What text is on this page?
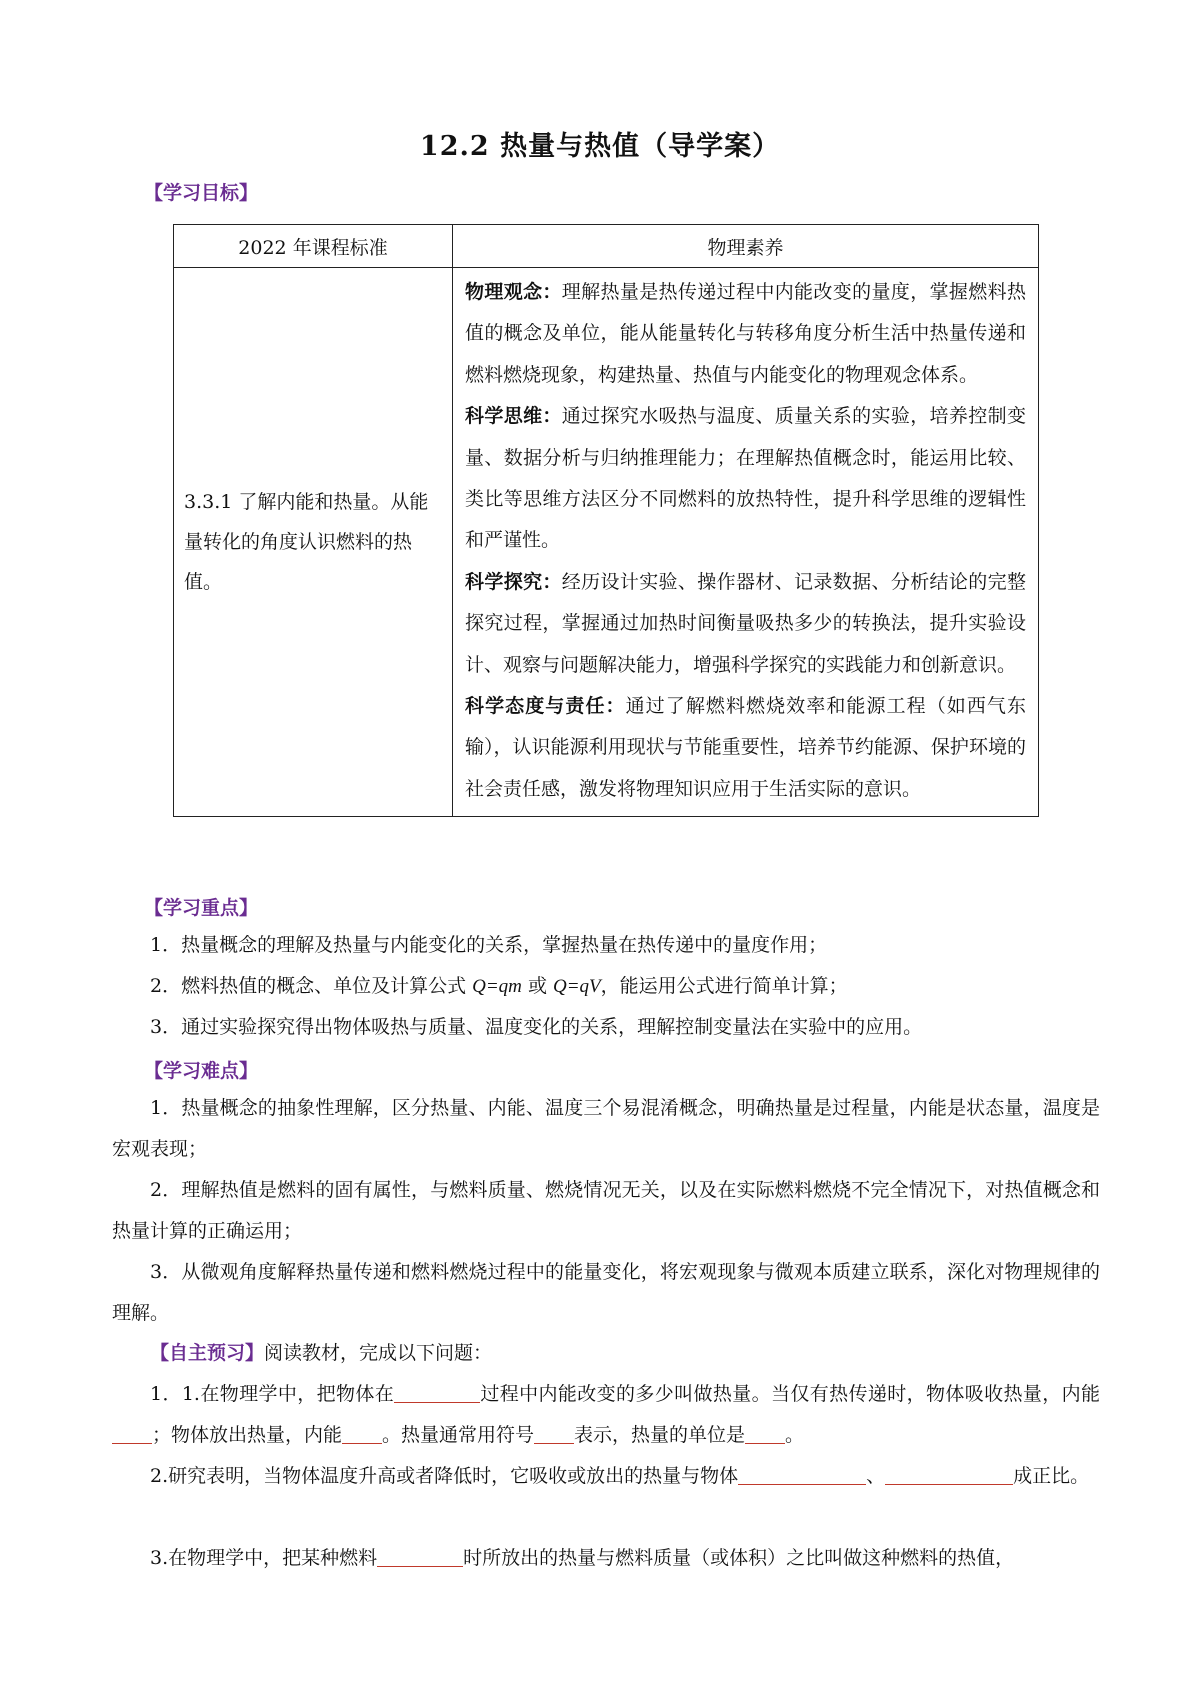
12.2 热量与热值（导学案）
【学习目标】
2022 年课程标准	物理素养
3.3.1 了解内能和热量。从能量转化的角度认识燃料的热值。	物理观念：理解热量是热传递过程中内能改变的量度，掌握燃料热值的概念及单位，能从能量转化与转移角度分析生活中热量传递和燃料燃烧现象，构建热量、热值与内能变化的物理观念体系。
科学思维：通过探究水吸热与温度、质量关系的实验，培养控制变量、数据分析与归纳推理能力；在理解热值概念时，能运用比较、类比等思维方法区分不同燃料的放热特性，提升科学思维的逻辑性和严谨性。
科学探究：经历设计实验、操作器材、记录数据、分析结论的完整探究过程，掌握通过加热时间衡量吸热多少的转换法，提升实验设计、观察与问题解决能力，增强科学探究的实践能力和创新意识。
科学态度与责任：通过了解燃料燃烧效率和能源工程（如西气东输），认识能源利用现状与节能重要性，培养节约能源、保护环境的社会责任感，激发将物理知识应用于生活实际的意识。
【学习重点】
1．热量概念的理解及热量与内能变化的关系，掌握热量在热传递中的量度作用；
2．燃料热值的概念、单位及计算公式 Q=qm 或 Q=qV，能运用公式进行简单计算；
3．通过实验探究得出物体吸热与质量、温度变化的关系，理解控制变量法在实验中的应用。
【学习难点】
1．热量概念的抽象性理解，区分热量、内能、温度三个易混淆概念，明确热量是过程量，内能是状态量，温度是宏观表现；
2．理解热值是燃料的固有属性，与燃料质量、燃烧情况无关，以及在实际燃料燃烧不完全情况下，对热值概念和热量计算的正确运用；
3．从微观角度解释热量传递和燃料燃烧过程中的能量变化，将宏观现象与微观本质建立联系，深化对物理规律的理解。
【自主预习】阅读教材，完成以下问题：
1．1.在物理学中，把物体在	过程中内能改变的多少叫做热量。当仅有热传递时，物体吸收热量，内能；物体放出热量，内能 。热量通常用符号 表示，热量的单位是 。
2.研究表明，当物体温度升高或者降低时，它吸收或放出的热量与物体	、	成正比。
3.在物理学中，把某种燃料	时所放出的热量与燃料质量（或体积）之比叫做这种燃料的热值，
